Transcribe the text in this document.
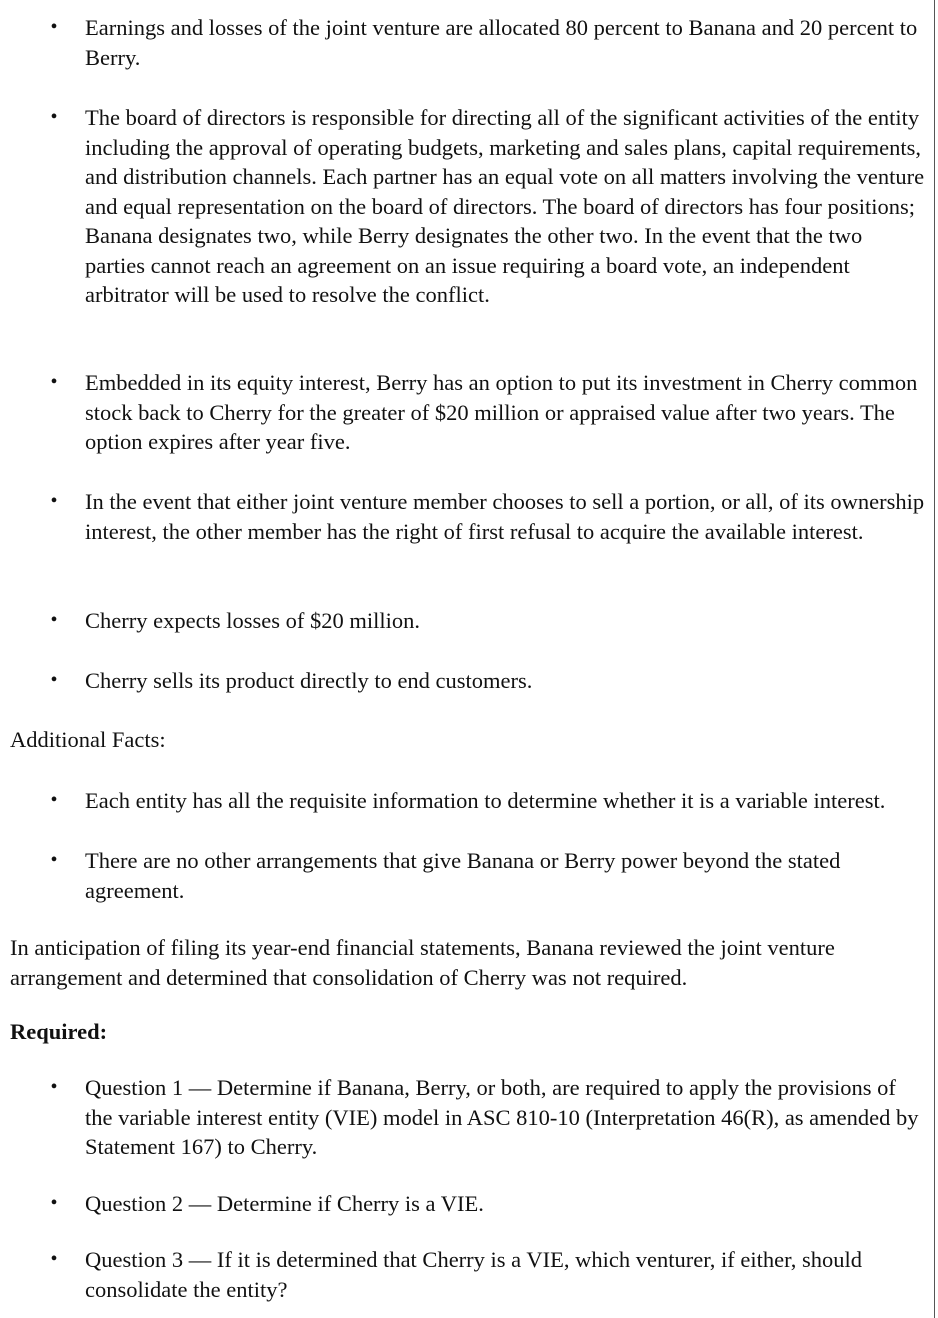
• Earnings and losses of the joint venture are allocated 80 percent to Banana and 20 percent to Berry.
• The board of directors is responsible for directing all of the significant activities of the entity including the approval of operating budgets, marketing and sales plans, capital requirements, and distribution channels. Each partner has an equal vote on all matters involving the venture and equal representation on the board of directors. The board of directors has four positions; Banana designates two, while Berry designates the other two. In the event that the two parties cannot reach an agreement on an issue requiring a board vote, an independent arbitrator will be used to resolve the conflict.
• Embedded in its equity interest, Berry has an option to put its investment in Cherry common stock back to Cherry for the greater of $20 million or appraised value after two years. The option expires after year five.
• In the event that either joint venture member chooses to sell a portion, or all, of its ownership interest, the other member has the right of first refusal to acquire the available interest.
• Cherry expects losses of $20 million.
• Cherry sells its product directly to end customers.
Additional Facts:
• Each entity has all the requisite information to determine whether it is a variable interest.
• There are no other arrangements that give Banana or Berry power beyond the stated agreement.
In anticipation of filing its year-end financial statements, Banana reviewed the joint venture arrangement and determined that consolidation of Cherry was not required.
Required:
• Question 1 — Determine if Banana, Berry, or both, are required to apply the provisions of the variable interest entity (VIE) model in ASC 810-10 (Interpretation 46(R), as amended by Statement 167) to Cherry.
• Question 2 — Determine if Cherry is a VIE.
• Question 3 — If it is determined that Cherry is a VIE, which venturer, if either, should consolidate the entity?
